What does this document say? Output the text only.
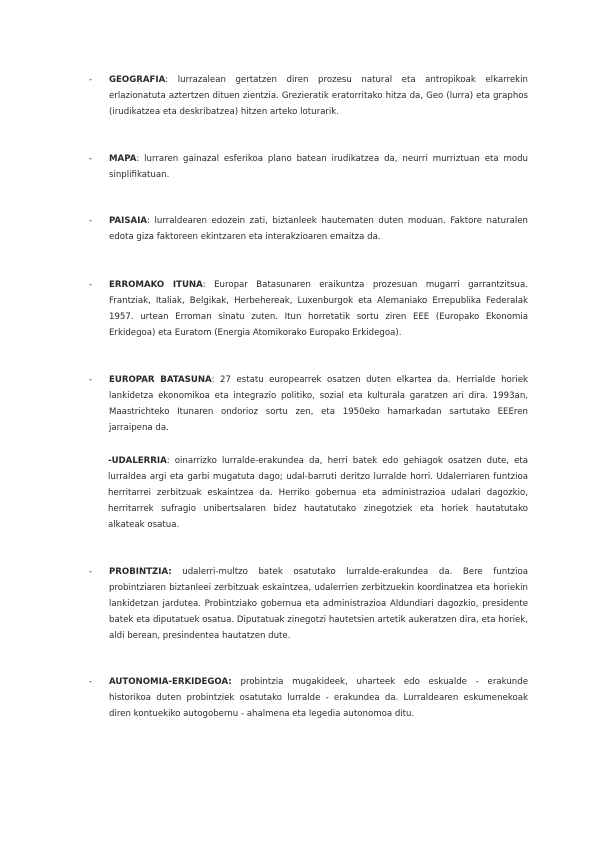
-	GEOGRAFIA: lurrazalean gertatzen diren prozesu natural eta antropikoak elkarrekin erlazionatuta aztertzen dituen zientzia. Grezieratik eratorritako hitza da, Geo (lurra) eta graphos (irudikatzea eta deskribatzea) hitzen arteko loturarik.
-	MAPA: lurraren gainazal esferikoa plano batean irudikatzea da, neurri murriztuan eta modu sinplifikatuan.
-	PAISAIA: lurraldearen edozein zati, biztanleek hautematen duten moduan. Faktore naturalen edota giza faktoreen ekintzaren eta interakzioaren emaitza da.
-	ERROMAKO ITUNA: Europar Batasunaren eraikuntza prozesuan mugarri garrantzitsua. Frantziak, Italiak, Belgikak, Herbehereak, Luxenburgok eta Alemaniako Errepublika Federalak 1957. urtean Erroman sinatu zuten. Itun horretatik sortu ziren EEE (Europako Ekonomia Erkidegoa) eta Euratom (Energia Atomikorako Europako Erkidegoa).
-	EUROPAR BATASUNA: 27 estatu europearrek osatzen duten elkartea da. Herrialde horiek lankidetza ekonomikoa eta integrazio politiko, sozial eta kulturala garatzen ari dira. 1993an, Maastrichteko Itunaren ondorioz sortu zen, eta 1950eko hamarkadan sartutako EEEren jarraipena da.
-UDALERRIA: oinarrizko lurralde-erakundea da, herri batek edo gehiagok osatzen dute, eta lurraldea argi eta garbi mugatuta dago; udal-barruti deritzo lurralde horri. Udalerriaren funtzioa herritarrei zerbitzuak eskaintzea da. Herriko gobernua eta administrazioa udalari dagozkio, herritarrek sufragio unibertsalaren bidez hautatutako zinegotziek eta horiek hautatutako alkateak osatua.
-	PROBINTZIA: udalerri-multzo batek osatutako lurralde-erakundea da. Bere funtzioa probintziaren biztanleei zerbitzuak eskaintzea, udalerrien zerbitzuekin koordinatzea eta horiekin lankidetzan jardutea. Probintziako gobernua eta administrazioa Aldundiari dagozkio, presidente batek eta diputatuek osatua. Diputatuak zinegotzi hautetsien artetik aukeratzen dira, eta horiek, aldi berean, presindentea hautatzen dute.
-	AUTONOMIA-ERKIDEGOA: probintzia mugakideek, uharteek edo eskualde - erakunde historikoa duten probintziek osatutako lurralde - erakundea da. Lurraldearen eskumenekoak diren kontuekiko autogobernu - ahalmena eta legedia autonomoa ditu.
